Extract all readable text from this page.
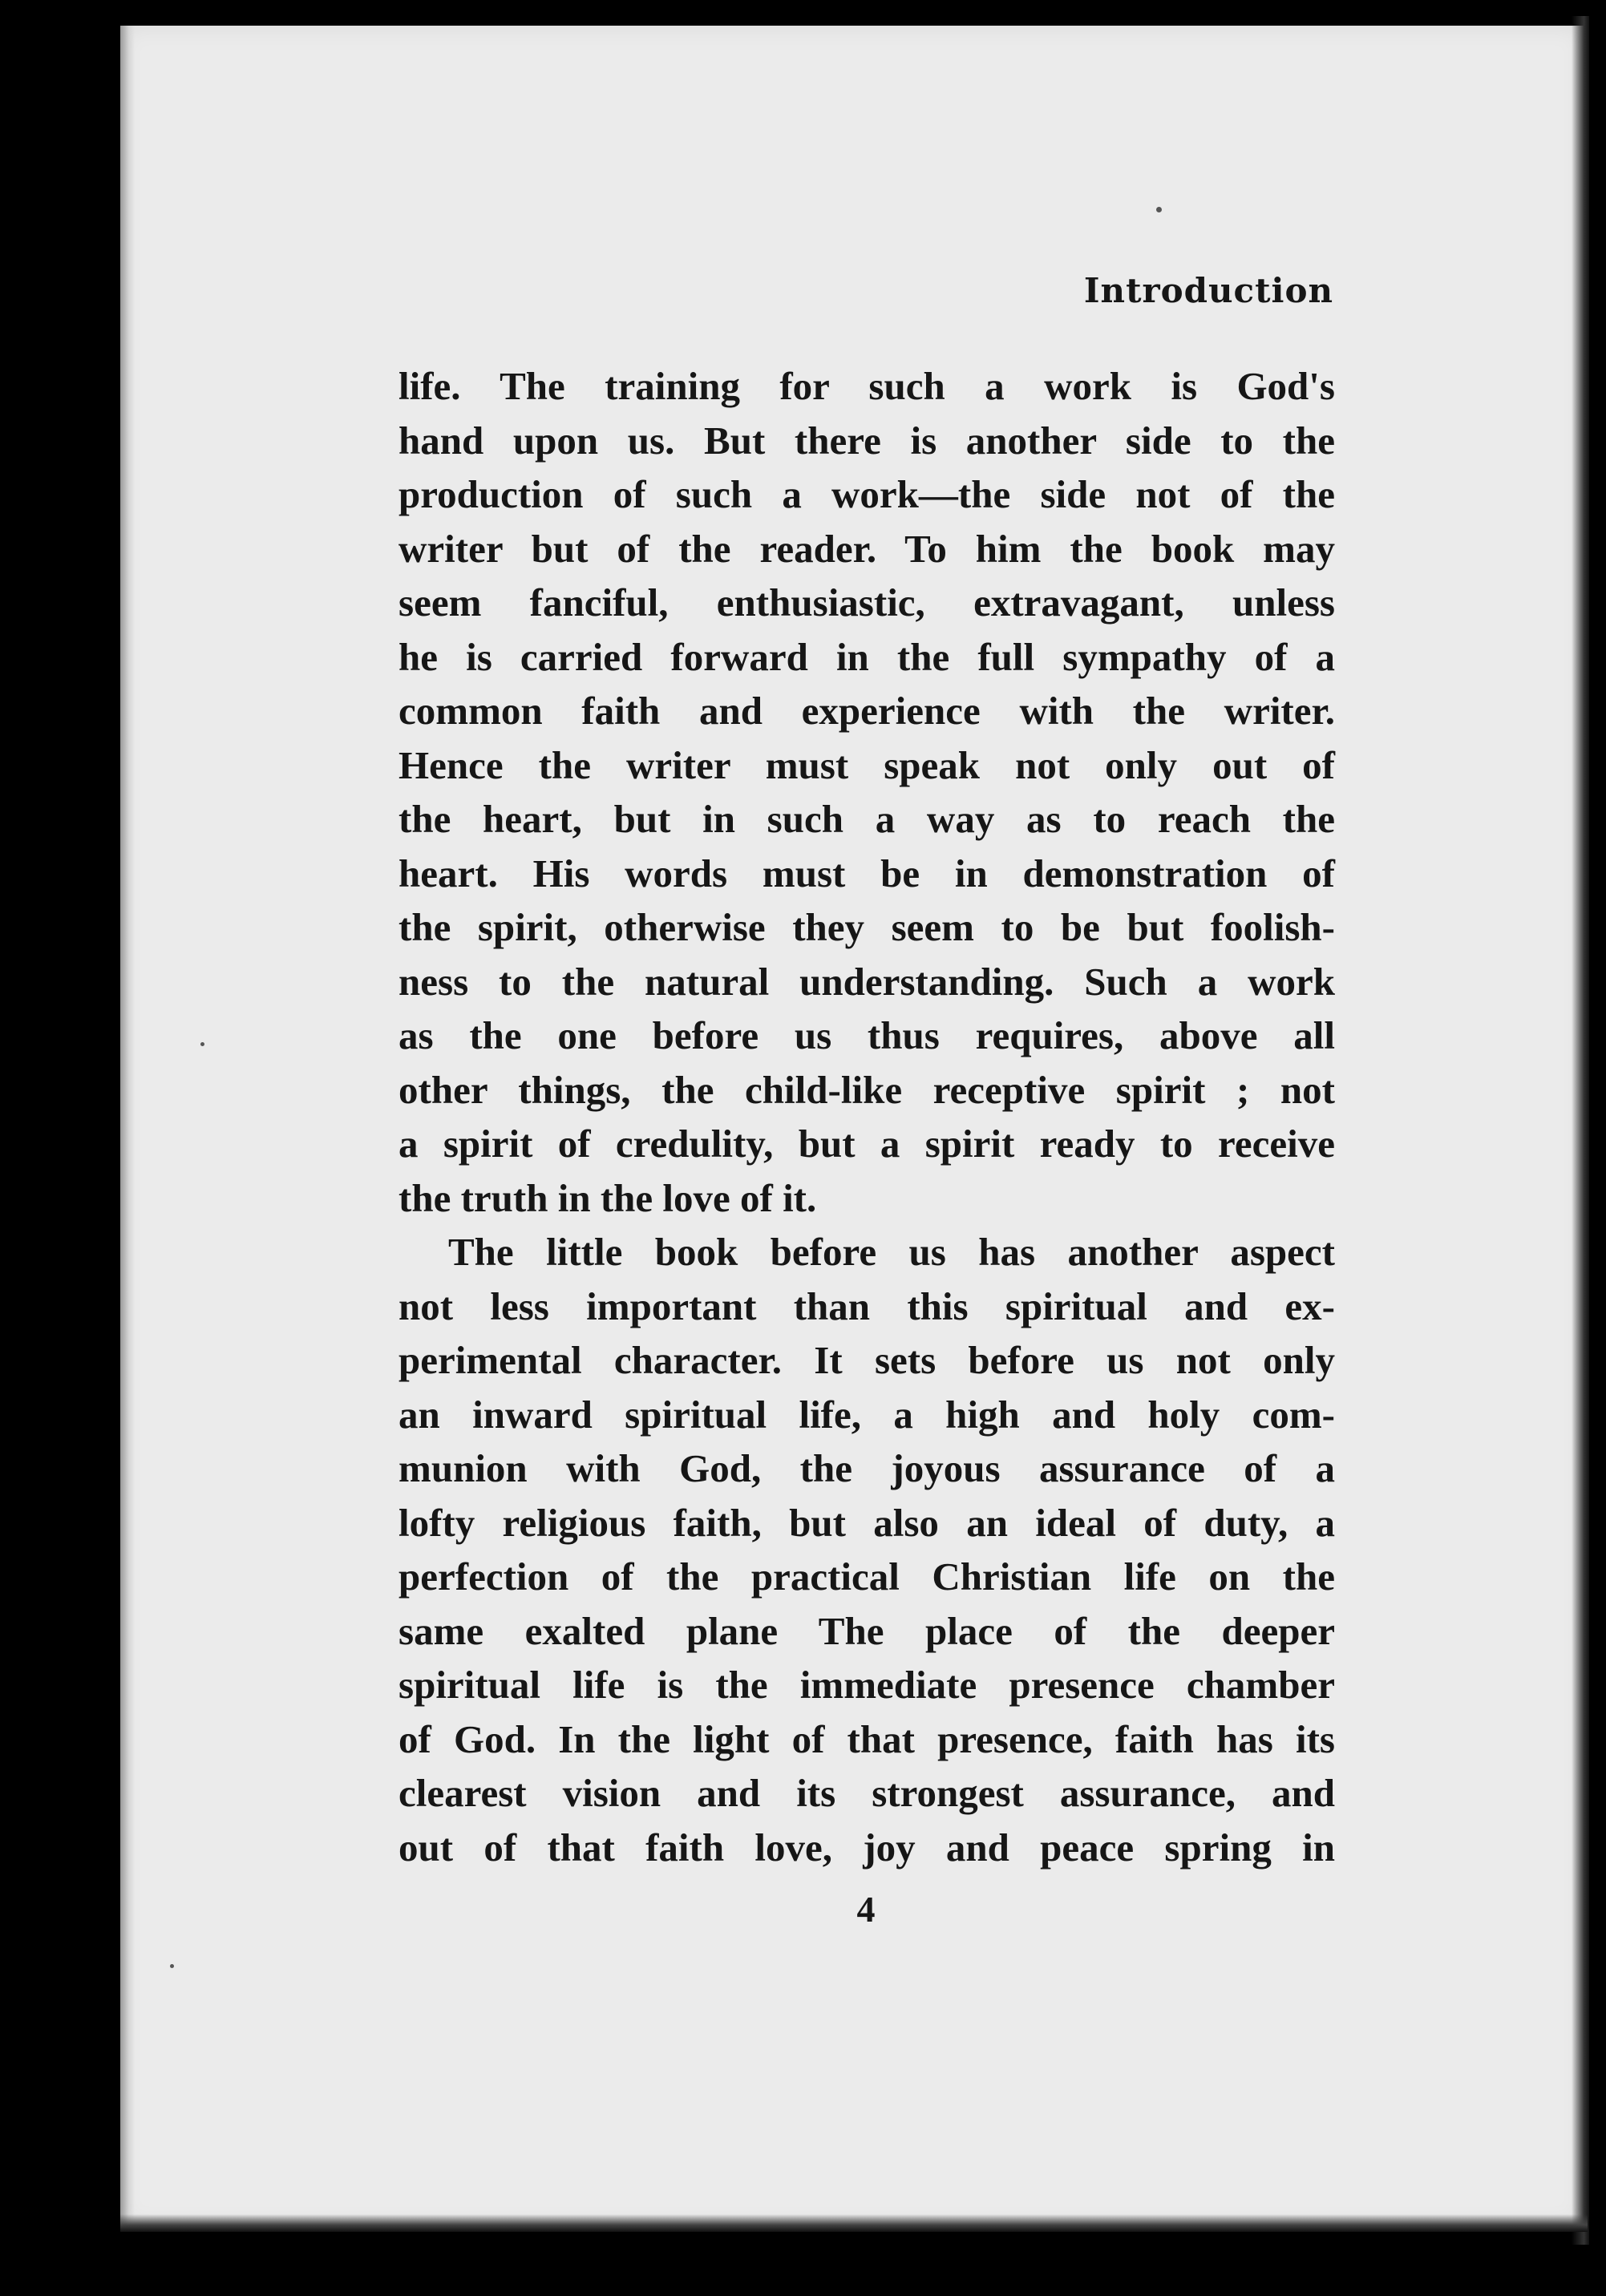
Introduction
life. The training for such a work is God's
hand upon us. But there is another side to the
production of such a work—the side not of the
writer but of the reader. To him the book may
seem fanciful, enthusiastic, extravagant, unless
he is carried forward in the full sympathy of a
common faith and experience with the writer.
Hence the writer must speak not only out of
the heart, but in such a way as to reach the
heart. His words must be in demonstration of
the spirit, otherwise they seem to be but foolish-
ness to the natural understanding. Such a work
as the one before us thus requires, above all
other things, the child-like receptive spirit ; not
a spirit of credulity, but a spirit ready to receive
the truth in the love of it.
The little book before us has another aspect
not less important than this spiritual and ex-
perimental character. It sets before us not only
an inward spiritual life, a high and holy com-
munion with God, the joyous assurance of a
lofty religious faith, but also an ideal of duty, a
perfection of the practical Christian life on the
same exalted plane The place of the deeper
spiritual life is the immediate presence chamber
of God. In the light of that presence, faith has its
clearest vision and its strongest assurance, and
out of that faith love, joy and peace spring in
4
